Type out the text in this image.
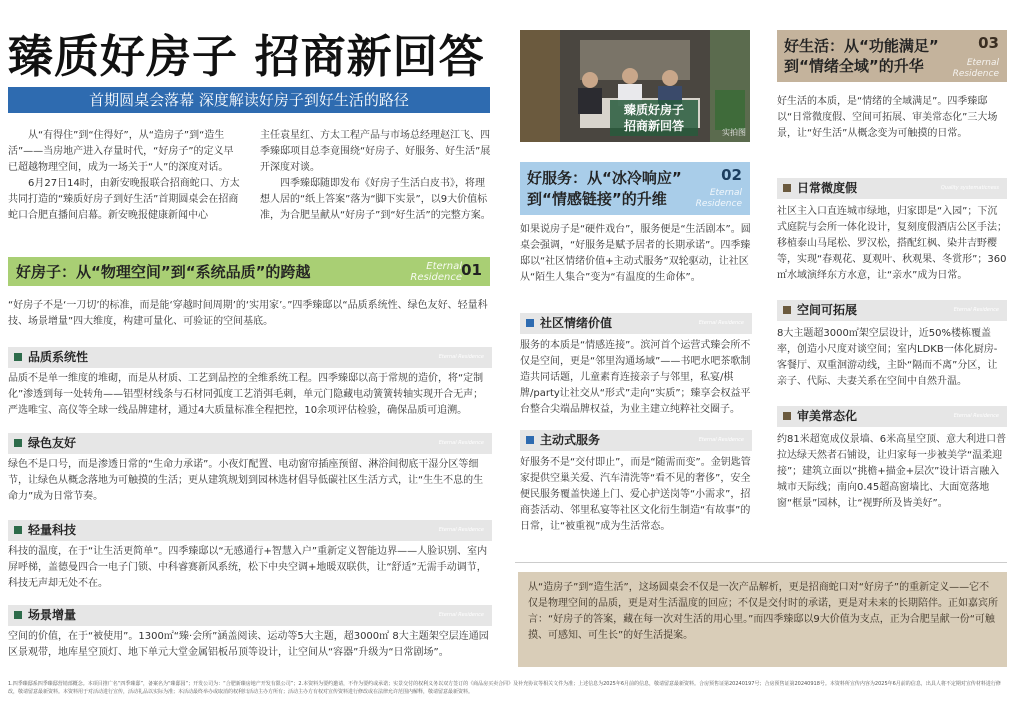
臻质好房子 招商新回答
首期圆桌会落幕 深度解读好房子到好生活的路径

从“有得住”到“住得好”，从“造房子”到“造生活”——当房地产进入存量时代，“好房子”的定义早已超越物理空间，成为一场关于“人”的深度对话。

6月27日14时，由新安晚报联合招商蛇口、方太共同打造的“臻质好房子到好生活”首期圆桌会在招商蛇口合肥直播间启幕。新安晚报健康新闻中心

主任袁星红、方太工程产品与市场总经理赵江飞、四季臻邸项目总李竟围绕“好房子、好服务、好生活”展开深度对谈。

四季臻邸随即发布《好房子生活白皮书》，将理想人居的“纸上答案”落为“脚下实景”，以9大价值标准，为合肥呈献从“好房子”到“好生活”的完整方案。

好房子：从“物理空间”到“系统品质”的跨越	Eternal
Residence 01
“好房子不是‘一刀切’的标准，而是能‘穿越时间周期’的‘实用家’。”四季臻邸以“品质系统性、绿色友好、轻量科技、场景增量”四大维度，构建可量化、可验证的空间基底。
品质系统性	Eternal Residence
品质不是单一维度的堆砌，而是从材质、工艺到品控的全维系统工程。四季臻邸以高于常规的造价，将“定制化”渗透到每一处转角——铝型材线条与石材同弧度工艺消弭毛刺，单元门隐藏电动簧簧转轴实现开合无声；严选唯宝、高仪等全球一线品牌建材，通过4大质量标准全程把控，10余项评估检验，确保品质可追溯。
绿色友好	Eternal Residence
绿色不是口号，而是渗透日常的“生命力承诺”。小夜灯配置、电动窗帘插座预留、淋浴间彻底干湿分区等细节，让绿色从概念落地为可触摸的生活；更从建筑规划到园林选材倡导低碳社区生活方式，让“生生不息的生命力”成为日常节奏。
轻量科技	Eternal Residence
科技的温度，在于“让生活更简单”。四季臻邸以“无感通行+智慧入户”重新定义智能边界——人脸识别、室内屏呼梯，盖德曼四合一电子门锁、中科睿赛新风系统，松下中央空调+地暖双联供，让“舒适”无需手动调节，科技无声却无处不在。
场景增量	Eternal Residence
空间的价值，在于“被使用”。1300㎡“臻·会所”涵盖阅读、运动等5大主题，超3000㎡ 8大主题架空层连通园区景观带，地库星空顶灯、地下单元大堂金属铝板吊顶等设计，让空间从“容器”升级为“日常剧场”。
臻质好房子
招商新回答	实拍图
好服务：从“冰冷响应”
到“情感链接”的升维
02
Eternal
Residence
如果说房子是“硬件戏台”，服务便是“生活剧本”。圆桌会强调，“好服务是赋予居者的长期承诺”。四季臻邸以“社区情绪价值+主动式服务”双轮驱动，让社区从“陌生人集合”变为“有温度的生命体”。
社区情绪价值	Eternal Residence
服务的本质是“情感连接”。滨河首个运营式臻会所不仅是空间，更是“邻里沟通场域”——书吧水吧茶歌制造共同话题，儿童素育连接亲子与邻里，私宴/棋牌/party让社交从“形式”走向“实质”；臻享会权益平台整合尖端品牌权益，为业主建立纯粹社交圈子。
主动式服务	Eternal Residence
好服务不是“交付即止”，而是“随需而变”。金钥匙管家提供空巢关爱、汽车清洗等“看不见的奢侈”，安全便民服务覆盖快递上门、爱心护送岗等“小需求”，招商荟活动、邻里私宴等社区文化衍生制造“有故事”的日常，让“被重视”成为生活常态。
好生活：从“功能满足”
到“情绪全域”的升华
03
Eternal
Residence
好生活的本质，是“情绪的全域满足”。四季臻邸以“日常微度假、空间可拓展、审美常态化”三大场景，让“好生活”从概念变为可触摸的日常。
日常微度假	Quality systematicness
社区主入口直连城市绿地，归家即是“入园”；下沉式庭院与会所一体化设计，复刻度假酒店公区手法；移植泰山马尾松、罗汉松，搭配红枫、染井吉野樱等，实现“春观花、夏观叶、秋观果、冬赏形”；360㎡水域演绎东方水意，让“亲水”成为日常。
空间可拓展	Eternal Residence
8大主题超3000㎡架空层设计，近50%楼栋覆盖率，创造小尺度对谈空间；室内LDKB一体化厨房-客餐厅、双重洄游动线，主卧“隔而不离”分区，让亲子、代际、夫妻关系在空间中自然升温。
审美常态化	Eternal Residence
约81米超宽成仪景墙、6米高星空顶、意大利进口普拉达绿天然者石铺设，让归家每一步被美学“温柔迎接”；建筑立面以“挑檐+描金+层次”设计语言融入城市天际线；南向0.45超高窗墙比、大面宽落地窗“框景”园林，让“视野所及皆美好”。
从“造房子”到“造生活”，这场圆桌会不仅是一次产品解析，更是招商蛇口对“好房子”的重新定义——它不仅是物理空间的品质，更是对生活温度的回应；不仅是交付时的承诺，更是对未来的长期陪伴。正如嘉宾所言：“好房子的答案，藏在每一次对生活的用心里。”而四季臻邸以9大价值为支点，正为合肥呈献一份“可触摸、可感知、可生长”的好生活提案。
1.四季臻邸系四季臻邸营销部概念。本项目推广名“四季臻邸”，备案名为“臻邸园”；开发公司为：“合肥新臻房地产开发有限公司”；2.本资料为要约邀请，不作为要约或承诺；实景交付的权利义务以双方签订的《商品房买卖合同》及补充协议等相关文件为准；上述信息为2025年6月前的信息，敬请留意最新资料。合房预售证第20240197号；合房预售证第20240918号。本资料所宣传内容为2025年6月前的信息，出具人将不定期对宣传材料进行修改，敬请留意最新资料。本资料用于对活动进行宣传，活动礼品以实际为准；本活动最终举办或取消的权利归活动主办方所有；活动主办方有权对宣传资料进行修改或在法律允许范围内解释，敬请留意最新资料。
